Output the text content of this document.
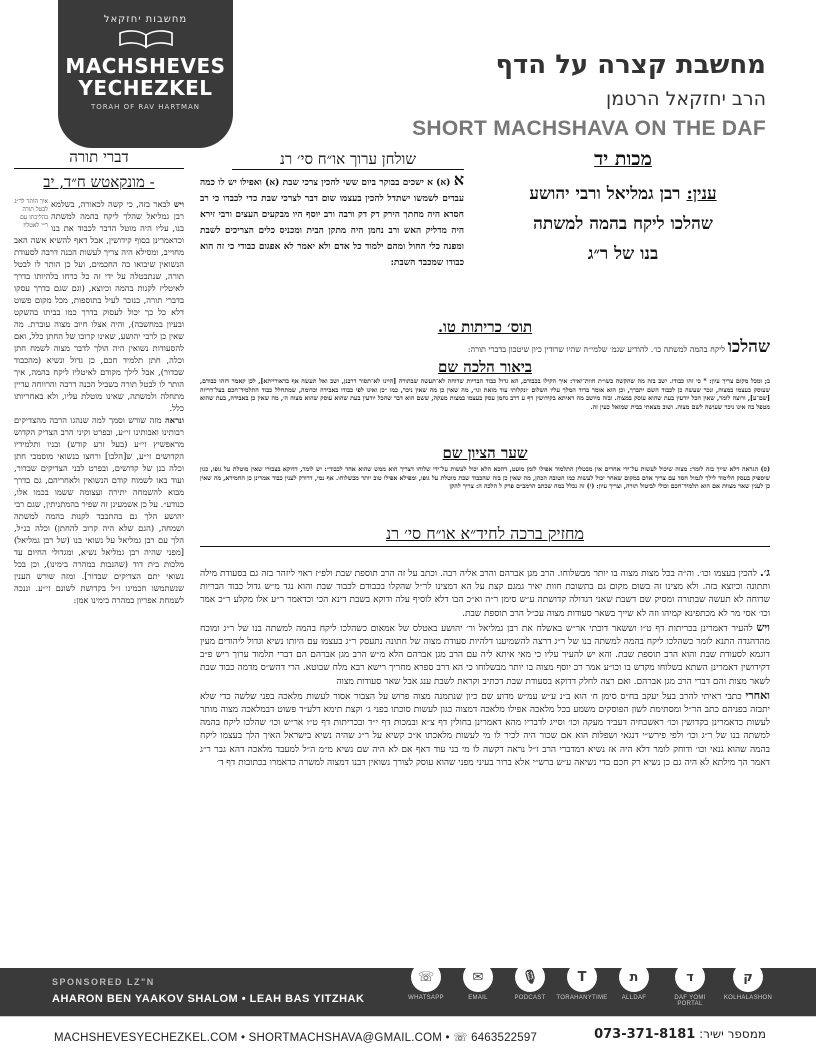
מחשבות יחזקאל
MACHSHEVES
YECHEZKEL
TORAH OF RAV HARTMAN
מחשבת קצרה על הדף
הרב יחזקאל הרטמן
SHORT MACHSHAVA ON THE DAF
מכות יד
ענין: רבן גמליאל ורבי יהושע
שהלכו ליקח בהמה למשתה
בנו של ר״ג
דברי תורה
- מונקאטש ח״ד, יב
איך הותר לר״ג לבטל תורה בהליכתו עם ר״י לאטליז
ויש לבאר בזה, כי קשה לכאורה, בשלמא רבן גמליאל שהלך ליקח בהמה למשתה בנו, עליו היה מוטל הדבר לכבוד את בנו וכדאמרינן בסוף קידושין, אבל דאף להשיא אשה האב מחוייב, ומסילא היה צריך לעשות הכנה דרבה לסעודת הנשואין שיבואו בה החכמים, ועל כן הותר לו לבטל תורה, שנתבטלה על ידי זה כל כרחו בלהיותו בדרך לאיטליז לקנות בהמה וכיוצא, (וגם שגם בדרך עסקו בדברי תורה, כנזכר לעיל בתוספות, מכל מקום פשוט דלא כל כך יכול לעסוק בדרך כמו בביתו בהשקט ובעיון במחשבה), והיה אצלו חיוב מצוה עוברת. מה שאין כן לרבי יהושע, שאינו קרובו של החתן כלל, ואם להסעודות נשואין היה הולך לדבר מצוה לשמח חתן וכלה, חתן תלמיד חכם, כן גדול ונשיא (מהכבוד שבדור), אבל לילך מקודם לאיטליז ליקח בהמה, איך הותר לו לבטל תורה בשביל הכנה דרבה והרווחה עדיין מתחלה ולמשתה, שאינו מוטלת עליו, ולא באחריותו כלל.
ונראה מזה שורש וסמך למה שנהגו הרבה מהצדיקים רבותינו ואבותינו זי״ע, ובפרט וקיני הרב הצדיק הקדוש מראפשיץ זי״ע (בעל זרע קודש) ובניו ותלמידיו הקדושים זי״ע, ש[הלכו] ורחצו בנשואי מוסמכי חתן וכלה בנן של קדושים, ובפרט לבני הצדיקים שבדור, ועוד באו לשמוח קודם הנשואין ולאחריהם, גם בדרך מבוא להשמחה יתירה ועצומה ששמו בכמו אלו, כנודע״. על כן אשמעינן זה שפיר בהמתניתין, שגם רבי יהושע הלך גם בהתכבד לקנות בהמה למשתה ושמחה, (הגם שלא היה קרוב להחתן) וכלה כנ״ל, הלך עם רבן גמליאל על נשואי בנו (של רבן גמליאל) [מפני שהיה רבן גמליאל נשיא, ומגדולי החיום עד מלכות בית דוד (שהנבות במהרה בימינו), וכן בכל נשואי יתם הצדיקים שבדור]. ומזה שורש הענין שנשתמשו חכמינו ז״ל בקדושת לשונם זי״ע. וננכה לשמחת אפריון במהרה בימינו אמן:
שולחן ערוך או״ח סי׳ רנ
א (א) א ישכים בבוקר ביום ששי להכין צרכי שבת (א) ואפילו יש לו כמה עבדים לשמשו ישתדל להכין בעצמו שום דבר לצרכי שבת כדי לכבדו כי רב חסדא היה מחתך הירק דק דק ורבה ורב יוסף היו מבקעים העצים ורבי זירא היה מדליק האש ורב נחמן היה מתקן הבית ומכניס כלים הצריכים לשבת ומפנה כלי החול ומהם ילמוד כל אדם ולא יאמר לא אפגום כבודי כי זה הוא כבודו שמכבד השבת:
תוס׳ כריתות טו.
שהלכו ליקח בהמה למשתה כו׳. להודיע שגמ׳ שלמי״ה שהיו שרודין כיון שיטכון בדברי תורה:
ביאור הלכה שם
ב; ומכל מקום צריך עיון: * כי זהו כבודו. ישב בזה מה שהקשה בשו״ת חוות־יאיר: איך הקילו בכבודם, הא גדול כבוד הבריות שדוחה לא־תעשה שבתורה [היינו לא־תסור דרבנן, ושב ואל תעשה אף בדאורייתא], לכן קאמר דזהו כבודם, שעוסק בעצמו במצוה, ונכר שעשה כן לכבוד השם יתברך, וכן הוא אומר בדוד המלך עליו השלום ׳ונקלותי עוד מזאת וגו״, מה שאין כן מה שאין ניכר, כמו ״כן ואינו לפי כבודו באבידה וכדומה, שמתחלל כבוד התלמיד־חכם בעל־דריזה [שם־ע], ורוצה לומר, שאין הכל יודעין בעת שהוא עוסק במצוה. ובזה מיושב מה דאיתא בקידושין דף ע דרב נחמן עסק בעצמו במצות מעקה, ששם הוא דבר שהכל יודעין בעת שהוא עוסק שהוא מצוה ה׳, מה שאין כן באבידה, בעת שהוא מטפל בה אינו ניכר שעושה לשם מצוה. ושוב מצאתי בבית שמואל כעין זה.
שער הציון שם
(ס) הגראה דלא שייך בזה לומר: מצוה שיכול לעשות על־ידי אחרים אין מבטלין התלמוד אפילו לזמן מועט, דהכא הלא יכול לעשות על־ידי שלוחו דצריך הוא ממש שהוא אחד לכבוד״: יש לומר, דדוקא בצבורי שאין מוטלת על גופו, כגון שיספיק בעסק הלימוד לילך לגמול חסד עם צריך אדם במקום שאחר יכול לעשות כמו הטובה הכהן, מה שאין כן בזה שהכבוד שבת מוטלת על גופו, ומפילא אפילו טוב יותר מבשלוחו. אף נמי, דרודק לענין כבוד אמרינן כן החמירא, מה שאין כן לענין שאר מצוות אם הוא תלמיד־חכם וכולי לביטול תורה, וצריך עיון: (י) זה נכלל במה שכתב הרמב״ם פרק ל הלכה ה: צריך להקן
מחזיק ברכה לחיד״א או״ח סי׳ רנ
ג׳. להכין בעצמו וכו׳. וה״ה בכל מצות מצוה בו יותר מבשלוחו. הרב מגן אברהם והרב אליה רבה. וכתב על זה הרב תוספת שבת ולפ״ז ראוי ליזהר בזה גם בסעודת מילה ותתונה וכיוצא בזה. ולא מצינו זה בשום מקום גם בתשובת חוות יאיר גמגם קצת על הא דמצינו לר״ל שהקלו בכבודם לכבוד שבת והוא נגד מ״ש גדול כבוד הבריות שדוחה לא תעשה שבתורה ומסיק שם דשבת שאני דגדולה קדושתה ע״ש סימן ר״ה וא״כ הבו דלא לוסיף עלה ודוקא בשבת דינא הכי וכדאמר ר״ע אלו מקלע ר״כ אמר וכו׳ אסי מר לא מכתפינא קמיהו וזה לא שייך בשאר סעודות מצוה עכ״ל הרב תוספת שבת.
ויש להעיר דאמרינן בכריתות דף ט״ו וששאר דוכתי אר״ש באשלח את רבן גמליאל ור׳ יהושע באטלס של אמאום כשהלכו ליקח בהמה למשתה בנו של ר״ג ומוכח מהדהגדה התנא לומר כשהלכו ליקח בהמה למשתה בנו של ר״ג דרצה להשמיענו דלהיות סעודת מצוה של חתונה נתעסק ר״ג בעצמו עם היותו נשיא וגדול ליהודים מעין דוגמא לסעודת שבת והוא הרב תוספת שבת. והא יש להעיר עליו כי מאי איתא ליה עם הרב מגן אברהם הלא מ״ש הרב מגן אברהם הם דברי תלמוד ערוך ריש פ״ב דקידושין דאמרינן השתא בשלוחו מקדש בו וכו״ע אמר רב יוסף מצוה בו יותר מבשלוחו כי הא דרב ספרא מחריך רישא רבא מלח שבוטא. הרי דהש״ס מדמה כבוד שבת לשאר מצות והם דברי הרב מגן אברהם. ואם רצה לחלק דדוקא בסעודת שבת דכתיב וקראת לשבת ענג אבל שאר סעודות מצוה
ואחרי כתבי ראיתי להרב בעל יעקב בח״ס סימן ח׳ הוא ב״נ ע״ש עמ״ש מדוע שם כיון שנתמנה מצוה פרוש על הצבור אסור לעשות מלאכה בפני שלשה כדי שלא יתבזה בפניהם כתב הר״ל ומסתימת לשון הפוסקים משמע בכל מלאכה אפילו מלאכה דמצוה כגון לעשות סוכתו בפני ג׳ וקצת תימא דלע״ד פשוט דבמלאכה מצוה מותר לעשות כדאמרינן בקדושין וכו׳ ראשכחיה דעביד מעקה וכו׳ וסייג לדבריו מהא דאמרינן בחולין דף צ״א ובמכות דף י״ד ובכריתות דף ט״ו אר״ש וכו׳ שהלכו ליקח בהמה למשתה בנו של ר״ג וכו׳ ולפי פירש״י דנגאי ושפלות הוא אם שכור היה לכיר לו מי לעשות מלאכתו א״כ קשיא על ר״ג שהיה נשיא בישראל האיך הלך בעצמו ליקח בהמה שהוא גנאי וכו׳ ודוחק לומר דלא היה אז נשיא דמדברי הרב ז״ל נראה דקשה לו מי בני עוד דאף אם לא היה שם נשיא מ״מ ה״ל למעבד מלאכה דהא גבר ר״ג דאמר הך מילתא לא היה גם כן נשיא רק חכם בדי נשיאה ע״ש ברש״י אלא ברור בעיני מפני שהוא עוסק לצורך נשואין דבנו דמצוה למשרה כדאמרו בכתובות דף ד׳
SPONSORED LZ"N
AHARON BEN YAAKOV SHALOM • LEAH BAS YITZHAK
☏
WHATSAPP
✉
EMAIL
🎙
PODCAST
T
TORAHANYTIME
ת
ALLDAF
ד
DAF YOMI PORTAL
ק
KOLHALASHON
MACHSHEVESYECHEZKEL.COM • SHORTMACHSHAVA@GMAIL.COM • ☏ 6463522597	ממספר ישיר: 073-371-8181
